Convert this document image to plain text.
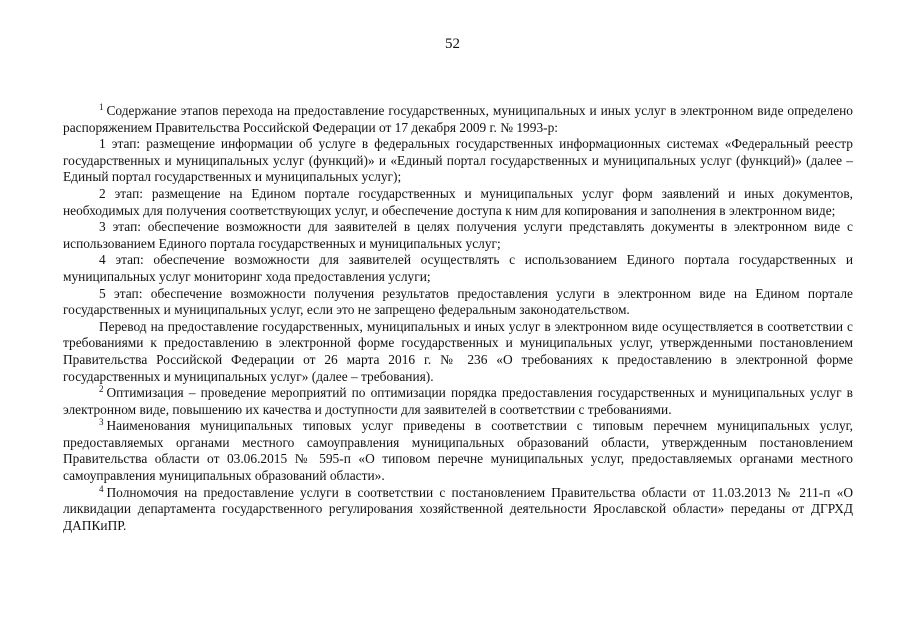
52

$^1$ Содержание этапов перехода на предоставление государственных, муниципальных и иных услуг в электронном виде определено распоряжением Правительства Российской Федерации от 17 декабря 2009 г. № 1993-р:

1 этап: размещение информации об услуге в федеральных государственных информационных системах «Федеральный реестр государственных и муниципальных услуг (функций)» и «Единый портал государственных и муниципальных услуг (функций)» (далее – Единый портал государственных и муниципальных услуг);

2 этап: размещение на Едином портале государственных и муниципальных услуг форм заявлений и иных документов, необходимых для получения соответствующих услуг, и обеспечение доступа к ним для копирования и заполнения в электронном виде;

3 этап: обеспечение возможности для заявителей в целях получения услуги представлять документы в электронном виде с использованием Единого портала государственных и муниципальных услуг;

4 этап: обеспечение возможности для заявителей осуществлять с использованием Единого портала государственных и муниципальных услуг мониторинг хода предоставления услуги;

5 этап: обеспечение возможности получения результатов предоставления услуги в электронном виде на Едином портале государственных и муниципальных услуг, если это не запрещено федеральным законодательством.

Перевод на предоставление государственных, муниципальных и иных услуг в электронном виде осуществляется в соответствии с требованиями к предоставлению в электронной форме государственных и муниципальных услуг, утвержденными постановлением Правительства Российской Федерации от 26 марта 2016 г. № 236 «О требованиях к предоставлению в электронной форме государственных и муниципальных услуг» (далее – требования).

$^2$ Оптимизация – проведение мероприятий по оптимизации порядка предоставления государственных и муниципальных услуг в электронном виде, повышению их качества и доступности для заявителей в соответствии с требованиями.

$^3$ Наименования муниципальных типовых услуг приведены в соответствии с типовым перечнем муниципальных услуг, предоставляемых органами местного самоуправления муниципальных образований области, утвержденным постановлением Правительства области от 03.06.2015 № 595-п «О типовом перечне муниципальных услуг, предоставляемых органами местного самоуправления муниципальных образований области».

$^4$ Полномочия на предоставление услуги в соответствии с постановлением Правительства области от 11.03.2013 № 211-п «О ликвидации департамента государственного регулирования хозяйственной деятельности Ярославской области» переданы от ДГРХД ДАПКиПР.
